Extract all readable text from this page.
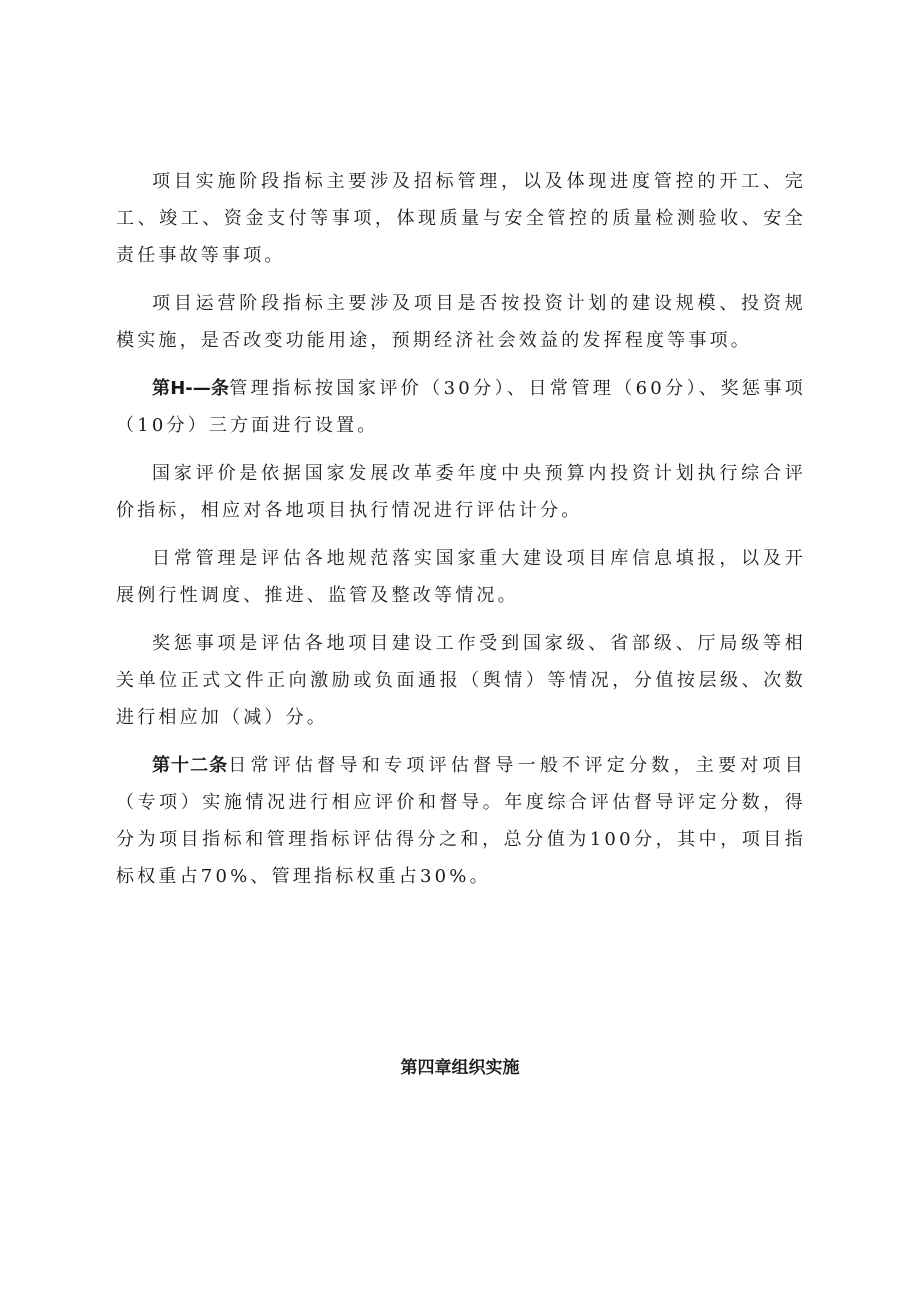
项目实施阶段指标主要涉及招标管理，以及体现进度管控的开工、完工、竣工、资金支付等事项，体现质量与安全管控的质量检测验收、安全责任事故等事项。

项目运营阶段指标主要涉及项目是否按投资计划的建设规模、投资规模实施，是否改变功能用途，预期经济社会效益的发挥程度等事项。

第H-—条管理指标按国家评价（30分）、日常管理（60分）、奖惩事项（10分）三方面进行设置。

国家评价是依据国家发展改革委年度中央预算内投资计划执行综合评价指标，相应对各地项目执行情况进行评估计分。

日常管理是评估各地规范落实国家重大建设项目库信息填报，以及开展例行性调度、推进、监管及整改等情况。

奖惩事项是评估各地项目建设工作受到国家级、省部级、厅局级等相关单位正式文件正向激励或负面通报（舆情）等情况，分值按层级、次数进行相应加（减）分。

第十二条日常评估督导和专项评估督导一般不评定分数，主要对项目（专项）实施情况进行相应评价和督导。年度综合评估督导评定分数，得分为项目指标和管理指标评估得分之和，总分值为100分，其中，项目指标权重占70%、管理指标权重占30%。

第四章组织实施
